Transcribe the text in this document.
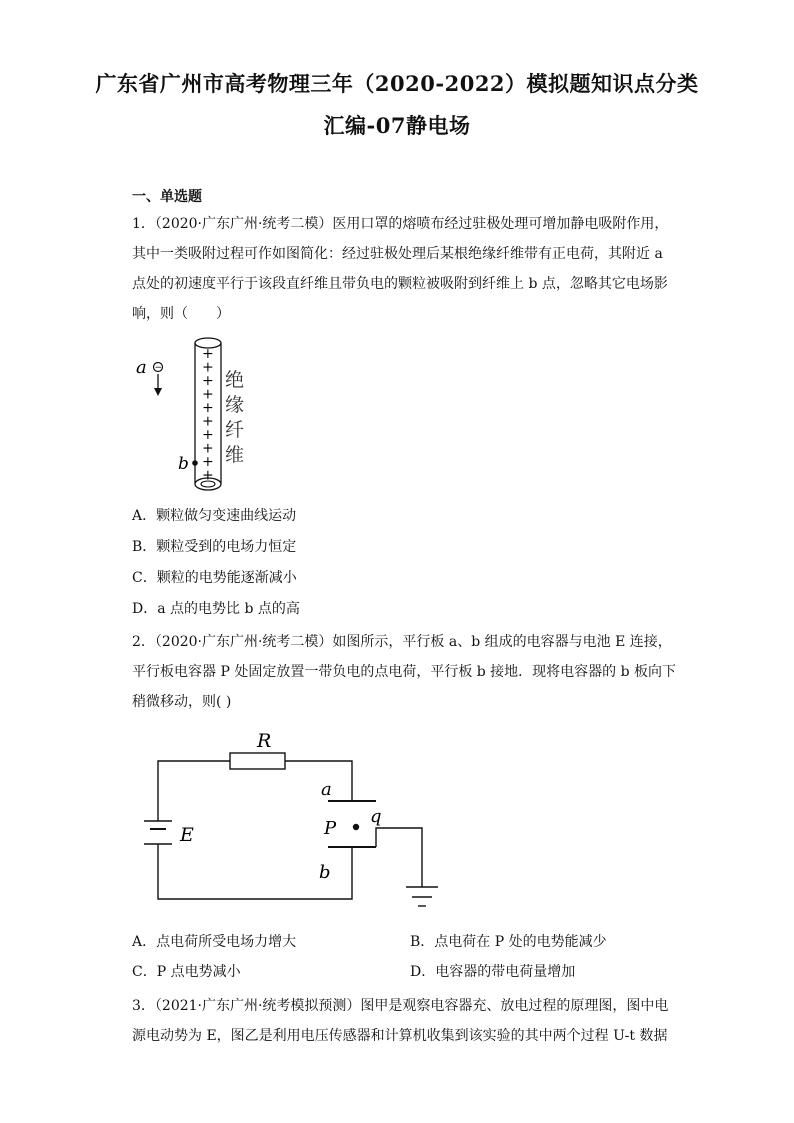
广东省广州市高考物理三年（2020-2022）模拟题知识点分类
汇编-07静电场
一、单选题
1．（2020·广东广州·统考二模）医用口罩的熔喷布经过驻极处理可增加静电吸附作用，
其中一类吸附过程可作如图简化：经过驻极处理后某根绝缘纤维带有正电荷，其附近 a
点处的初速度平行于该段直纤维且带负电的颗粒被吸附到纤维上 b 点，忽略其它电场影
响，则（　　）
a −
+
+
+
+
+
+
+
+
+
+
b
绝
缘
纤
维
A．颗粒做匀变速曲线运动
B．颗粒受到的电场力恒定
C．颗粒的电势能逐渐减小
D．a 点的电势比 b 点的高
2．（2020·广东广州·统考二模）如图所示，平行板 a、b 组成的电容器与电池 E 连接，
平行板电容器 P 处固定放置一带负电的点电荷，平行板 b 接地．现将电容器的 b 板向下
稍微移动，则( )
R
E
a
P
q
b
A．点电荷所受电场力增大	B．点电荷在 P 处的电势能减少
C．P 点电势减小	D．电容器的带电荷量增加
3．（2021·广东广州·统考模拟预测）图甲是观察电容器充、放电过程的原理图，图中电
源电动势为 E，图乙是利用电压传感器和计算机收集到该实验的其中两个过程 U-t 数据
